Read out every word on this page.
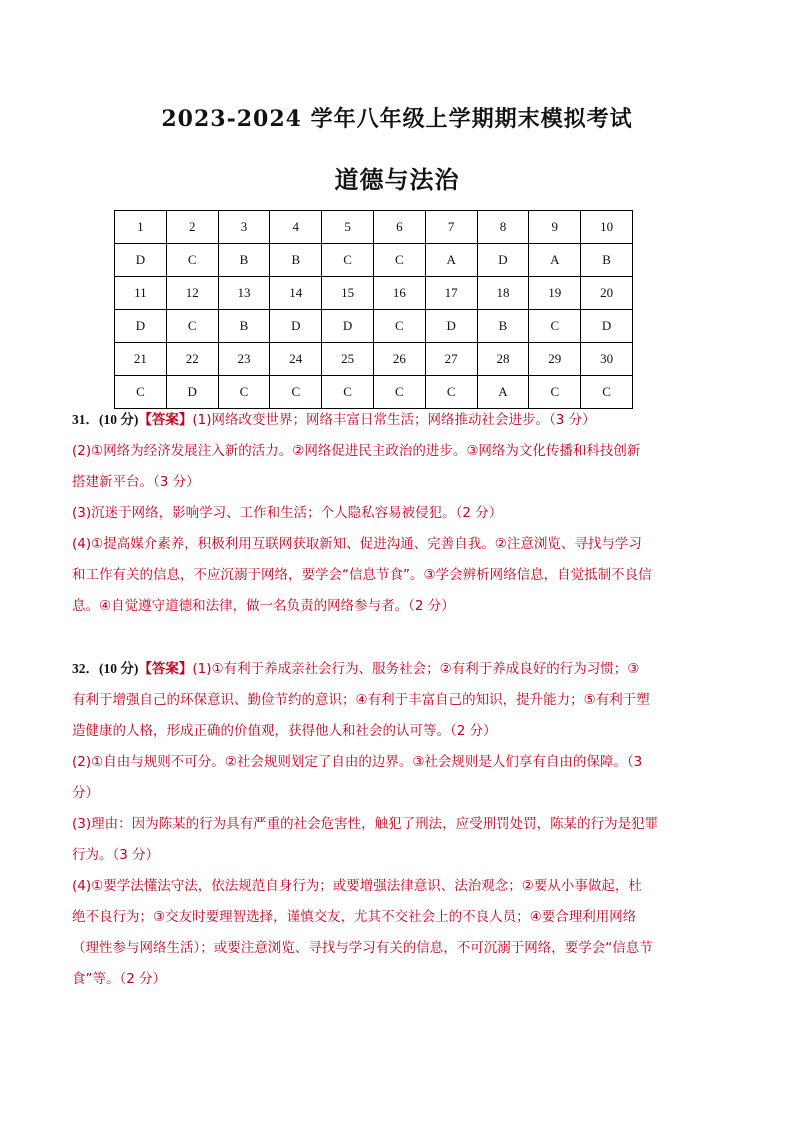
2023-2024 学年八年级上学期期末模拟考试
道德与法治
1	2	3	4	5	6	7	8	9	10
D	C	B	B	C	C	A	D	A	B
11	12	13	14	15	16	17	18	19	20
D	C	B	D	D	C	D	B	C	D
21	22	23	24	25	26	27	28	29	30
C	D	C	C	C	C	C	A	C	C
31．(10 分)【答案】(1)网络改变世界；网络丰富日常生活；网络推动社会进步。（3 分）
(2)①网络为经济发展注入新的活力。②网络促进民主政治的进步。③网络为文化传播和科技创新
搭建新平台。（3 分）
(3)沉迷于网络，影响学习、工作和生活；个人隐私容易被侵犯。（2 分）
(4)①提高媒介素养，积极利用互联网获取新知、促进沟通、完善自我。②注意浏览、寻找与学习
和工作有关的信息，不应沉溺于网络，要学会“信息节食”。③学会辨析网络信息，自觉抵制不良信
息。④自觉遵守道德和法律，做一名负责的网络参与者。（2 分）
32．(10 分)【答案】(1)①有利于养成亲社会行为、服务社会；②有利于养成良好的行为习惯；③
有利于增强自己的环保意识、勤俭节约的意识；④有利于丰富自己的知识，提升能力；⑤有利于塑
造健康的人格，形成正确的价值观，获得他人和社会的认可等。（2 分）
(2)①自由与规则不可分。②社会规则划定了自由的边界。③社会规则是人们享有自由的保障。（3
分）
(3)理由：因为陈某的行为具有严重的社会危害性，触犯了刑法，应受刑罚处罚，陈某的行为是犯罪
行为。（3 分）
(4)①要学法懂法守法，依法规范自身行为；或要增强法律意识、法治观念；②要从小事做起，杜
绝不良行为；③交友时要理智选择，谨慎交友，尤其不交社会上的不良人员；④要合理利用网络
（理性参与网络生活）；或要注意浏览、寻找与学习有关的信息，不可沉溺于网络，要学会“信息节
食”等。（2 分）
